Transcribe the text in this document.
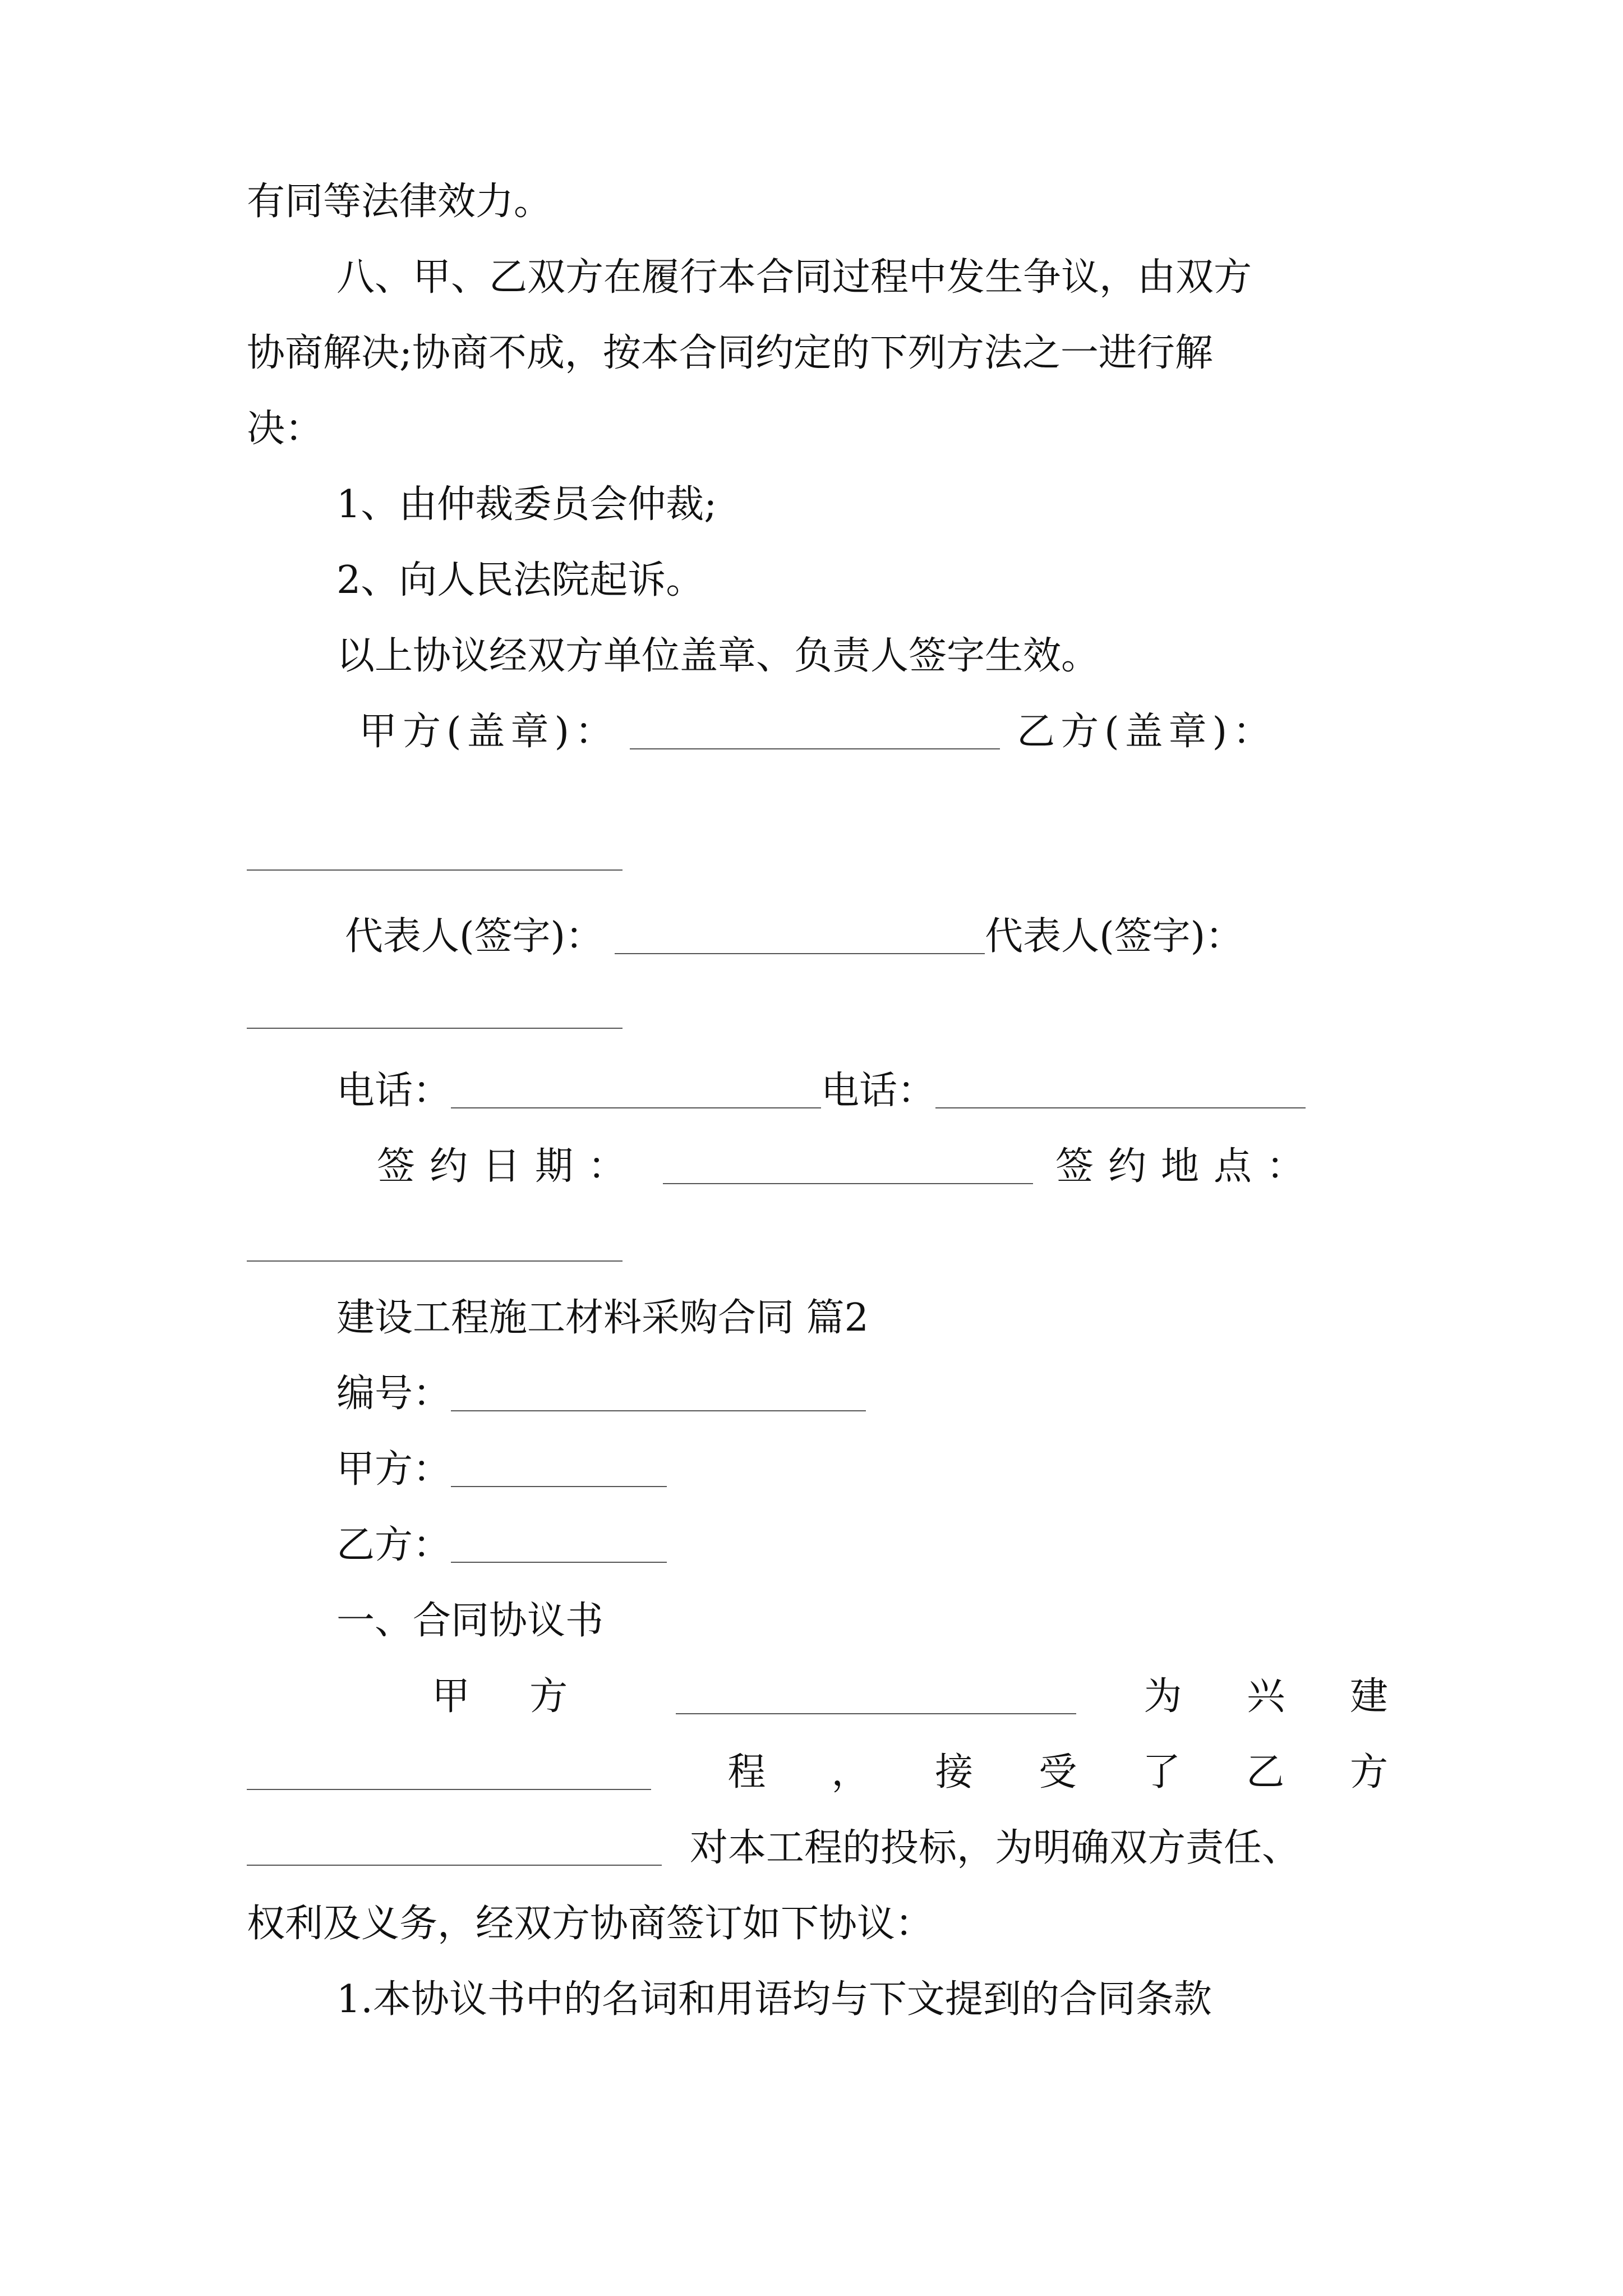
有同等法律效力。
八、甲、乙双方在履行本合同过程中发生争议，由双方
协商解决;协商不成，按本合同约定的下列方法之一进行解
决：
1、由仲裁委员会仲裁;
2、向人民法院起诉。
以上协议经双方单位盖章、负责人签字生效。
甲方(盖章)：	乙方(盖章)：
代表人(签字)：	代表人(签字)：
电话：	电话：
签约日期：	签约地点：
建设工程施工材料采购合同 篇2
编号：
甲方：
乙方：
一、合同协议书
甲 方	为 兴 建
程 ， 接 受 了 乙 方
对本工程的投标，为明确双方责任、
权利及义务，经双方协商签订如下协议：
1.本协议书中的名词和用语均与下文提到的合同条款
